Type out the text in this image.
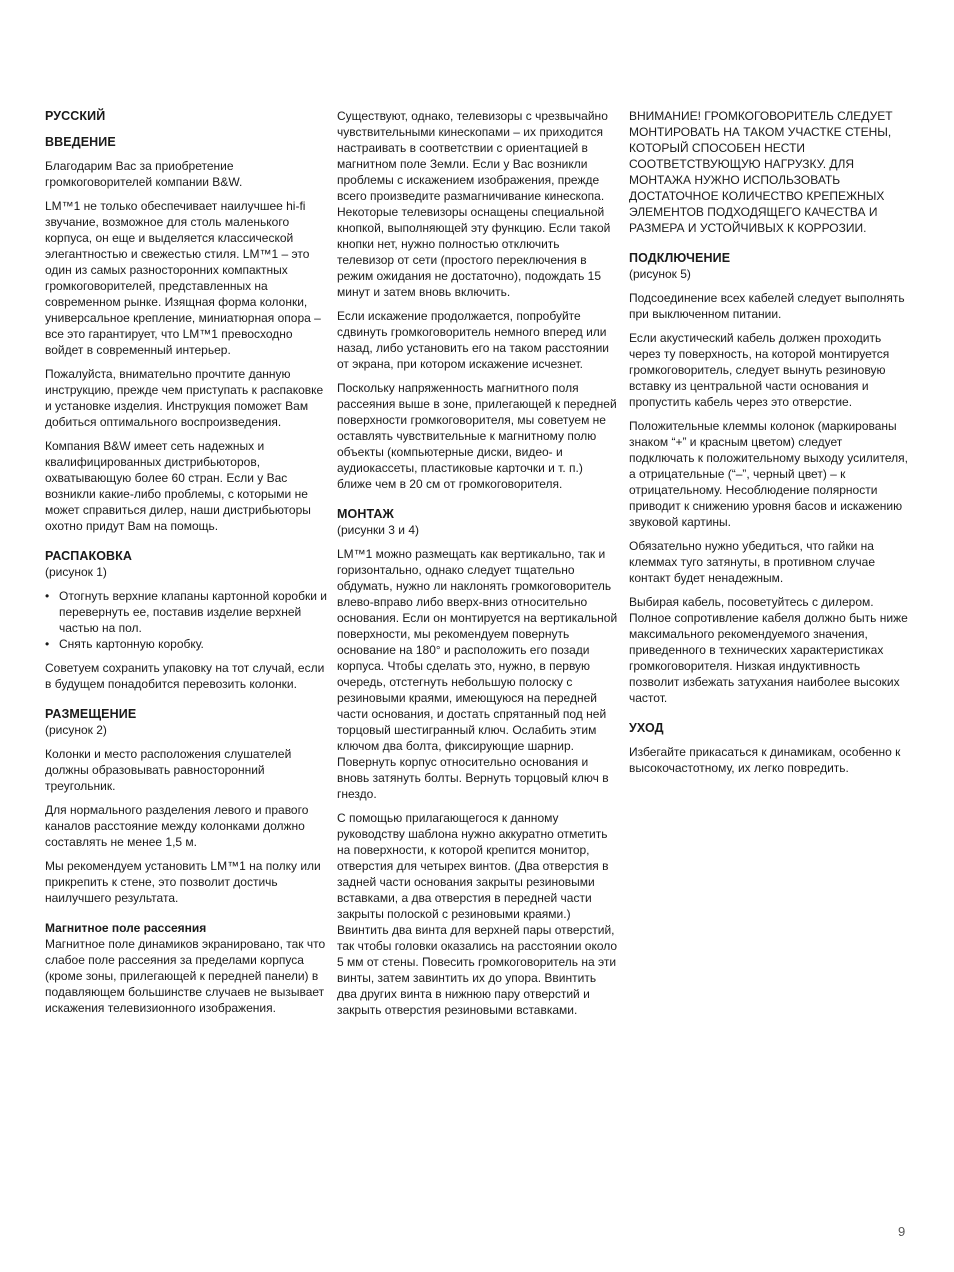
РУССКИЙ
ВВЕДЕНИЕ

Благодарим Вас за приобретение громкоговорителей компании B&W.

LM™1 не только обеспечивает наилучшее hi-fi звучание, возможное для столь маленького корпуса, он еще и выделяется классической элегантностью и свежестью стиля. LM™1 – это один из самых разносторонних компактных громкоговорителей, представленных на современном рынке. Изящная форма колонки, универсальное крепление, миниатюрная опора – все это гарантирует, что LM™1 превосходно войдет в современный интерьер.

Пожалуйста, внимательно прочтите данную инструкцию, прежде чем приступать к распаковке и установке изделия. Инструкция поможет Вам добиться оптимального воспроизведения.

Компания B&W имеет сеть надежных и квалифицированных дистрибьюторов, охватывающую более 60 стран. Если у Вас возникли какие-либо проблемы, с которыми не может справиться дилер, наши дистрибьюторы охотно придут Вам на помощь.

РАСПАКОВКА
(рисунок 1)
• Отогнуть верхние клапаны картонной коробки и перевернуть ее, поставив изделие верхней частью на пол.
• Снять картонную коробку.

Советуем сохранить упаковку на тот случай, если в будущем понадобится перевозить колонки.

РАЗМЕЩЕНИЕ
(рисунок 2)

Колонки и место расположения слушателей должны образовывать равносторонний треугольник.

Для нормального разделения левого и правого каналов расстояние между колонками должно составлять не менее 1,5 м.

Мы рекомендуем установить LM™1 на полку или прикрепить к стене, это позволит достичь наилучшего результата.

Магнитное поле рассеяния

Магнитное поле динамиков экранировано, так что слабое поле рассеяния за пределами корпуса (кроме зоны, прилегающей к передней панели) в подавляющем большинстве случаев не вызывает искажения телевизионного изображения.

Существуют, однако, телевизоры с чрезвычайно чувствительными кинескопами – их приходится настраивать в соответствии с ориентацией в магнитном поле Земли. Если у Вас возникли проблемы с искажением изображения, прежде всего произведите размагничивание кинескопа. Некоторые телевизоры оснащены специальной кнопкой, выполняющей эту функцию. Если такой кнопки нет, нужно полностью отключить телевизор от сети (простого переключения в режим ожидания не достаточно), подождать 15 минут и затем вновь включить.

Если искажение продолжается, попробуйте сдвинуть громкоговоритель немного вперед или назад, либо установить его на таком расстоянии от экрана, при котором искажение исчезнет.

Поскольку напряженность магнитного поля рассеяния выше в зоне, прилегающей к передней поверхности громкоговорителя, мы советуем не оставлять чувствительные к магнитному полю объекты (компьютерные диски, видео- и аудиокассеты, пластиковые карточки и т. п.) ближе чем в 20 см от громкоговорителя.

МОНТАЖ
(рисунки 3 и 4)

LM™1 можно размещать как вертикально, так и горизонтально, однако следует тщательно обдумать, нужно ли наклонять громкоговоритель влево-вправо либо вверх-вниз относительно основания. Если он монтируется на вертикальной поверхности, мы рекомендуем повернуть основание на 180° и расположить его позади корпуса. Чтобы сделать это, нужно, в первую очередь, отстегнуть небольшую полоску с резиновыми краями, имеющуюся на передней части основания, и достать спрятанный под ней торцовый шестигранный ключ. Ослабить этим ключом два болта, фиксирующие шарнир. Повернуть корпус относительно основания и вновь затянуть болты. Вернуть торцовый ключ в гнездо.

С помощью прилагающегося к данному руководству шаблона нужно аккуратно отметить на поверхности, к которой крепится монитор, отверстия для четырех винтов. (Два отверстия в задней части основания закрыты резиновыми вставками, а два отверстия в передней части закрыты полоской с резиновыми краями.) Ввинтить два винта для верхней пары отверстий, так чтобы головки оказались на расстоянии около 5 мм от стены. Повесить громкоговоритель на эти винты, затем завинтить их до упора. Ввинтить два других винта в нижнюю пару отверстий и закрыть отверстия резиновыми вставками.

ВНИМАНИЕ! ГРОМКОГОВОРИТЕЛЬ СЛЕДУЕТ МОНТИРОВАТЬ НА ТАКОМ УЧАСТКЕ СТЕНЫ, КОТОРЫЙ СПОСОБЕН НЕСТИ СООТВЕТСТВУЮЩУЮ НАГРУЗКУ. ДЛЯ МОНТАЖА НУЖНО ИСПОЛЬЗОВАТЬ ДОСТАТОЧНОЕ КОЛИЧЕСТВО КРЕПЕЖНЫХ ЭЛЕМЕНТОВ ПОДХОДЯЩЕГО КАЧЕСТВА И РАЗМЕРА И УСТОЙЧИВЫХ К КОРРОЗИИ.

ПОДКЛЮЧЕНИЕ
(рисунок 5)

Подсоединение всех кабелей следует выполнять при выключенном питании.

Если акустический кабель должен проходить через ту поверхность, на которой монтируется громкоговоритель, следует вынуть резиновую вставку из центральной части основания и пропустить кабель через это отверстие.

Положительные клеммы колонок (маркированы знаком “+” и красным цветом) следует подключать к положительному выходу усилителя, а отрицательные (“–”, черный цвет) – к отрицательному. Несоблюдение полярности приводит к снижению уровня басов и искажению звуковой картины.

Обязательно нужно убедиться, что гайки на клеммах туго затянуты, в противном случае контакт будет ненадежным.

Выбирая кабель, посоветуйтесь с дилером. Полное сопротивление кабеля должно быть ниже максимального рекомендуемого значения, приведенного в технических характеристиках громкоговорителя. Низкая индуктивность позволит избежать затухания наиболее высоких частот.

УХОД

Избегайте прикасаться к динамикам, особенно к высокочастотному, их легко повредить.

9
